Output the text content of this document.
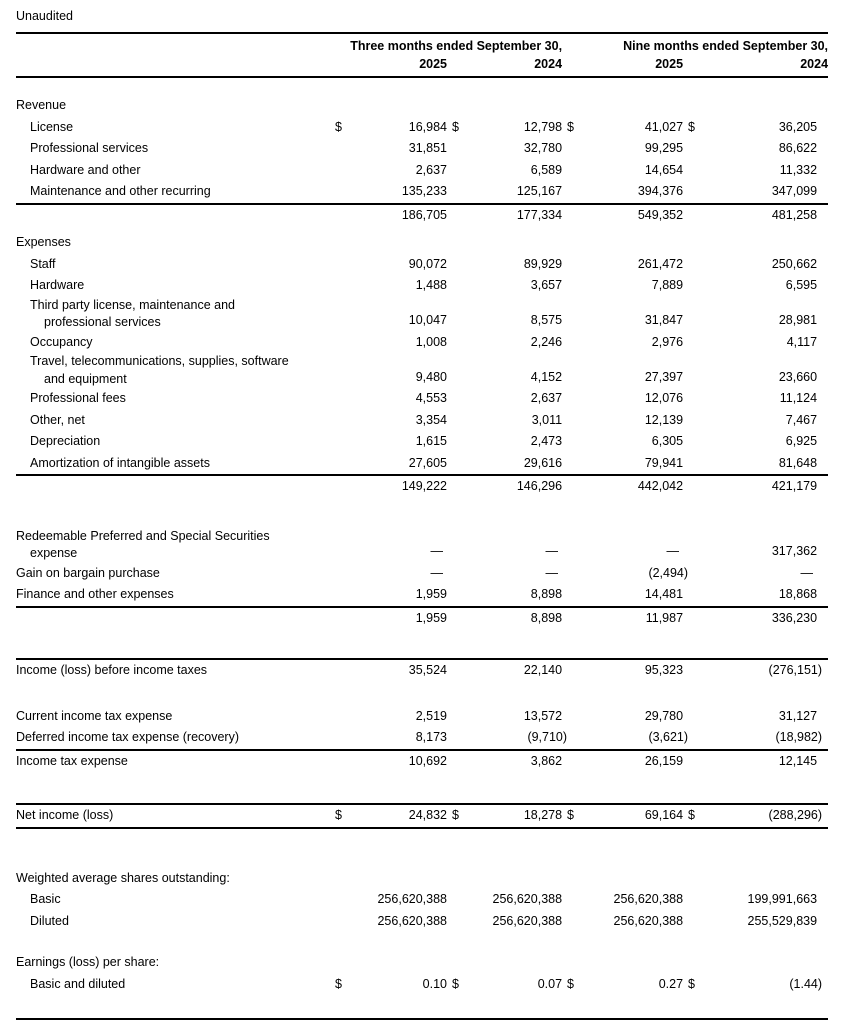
Unaudited
	Three months ended September 30,				Nine months ended September 30,				
		2025		2024		2025		2024	

Revenue									
License	$	16,984	$	12,798	$	41,027	$	36,205	
Professional services		31,851		32,780		99,295		86,622	
Hardware and other		2,637		6,589		14,654		11,332	
Maintenance and other recurring		135,233		125,167		394,376		347,099	
		186,705		177,334		549,352		481,258	

Expenses									
Staff		90,072		89,929		261,472		250,662	
Hardware		1,488		3,657		7,889		6,595	

Third party license, maintenance and
professional services		10,047		8,575		31,847		28,981	
Occupancy		1,008		2,246		2,976		4,117	

Travel, telecommunications, supplies, software
and equipment		9,480		4,152		27,397		23,660	
Professional fees		4,553		2,637		12,076		11,124	
Other, net		3,354		3,011		12,139		7,467	
Depreciation		1,615		2,473		6,305		6,925	
Amortization of intangible assets		27,605		29,616		79,941		81,648	
		149,222		146,296		442,042		421,179	

Redeemable Preferred and Special Securities
expense		—		—		—		317,362	
Gain on bargain purchase		—		—		(2,494)		—	
Finance and other expenses		1,959		8,898		14,481		18,868	
		1,959		8,898		11,987		336,230	

Income (loss) before income taxes		35,524		22,140		95,323		(276,151)	

Current income tax expense		2,519		13,572		29,780		31,127	
Deferred income tax expense (recovery)		8,173		(9,710)		(3,621)		(18,982)	
Income tax expense		10,692		3,862		26,159		12,145	

Net income (loss)	$	24,832	$	18,278	$	69,164	$	(288,296)	

Weighted average shares outstanding:									
Basic		256,620,388		256,620,388		256,620,388		199,991,663	
Diluted		256,620,388		256,620,388		256,620,388		255,529,839	

Earnings (loss) per share:									
Basic and diluted	$	0.10	$	0.07	$	0.27	$	(1.44)	
